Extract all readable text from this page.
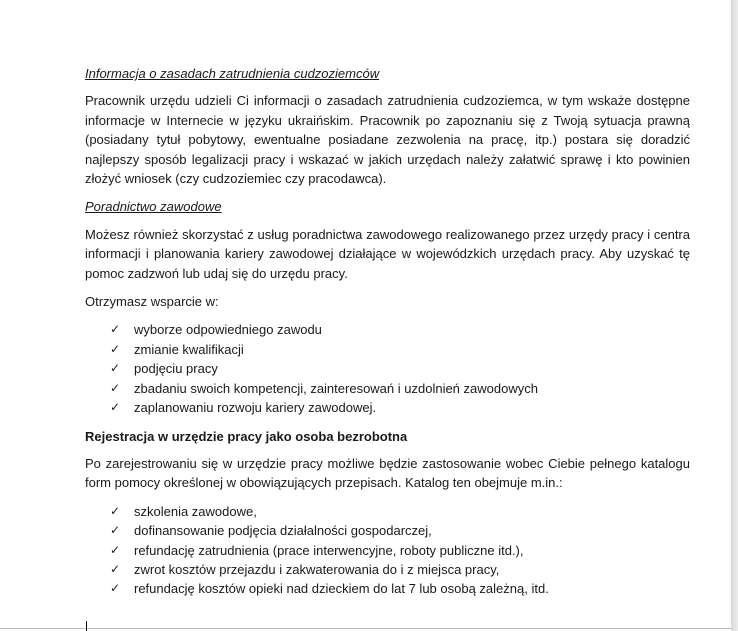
Informacja o zasadach zatrudnienia cudzoziemców

Pracownik urzędu udzieli Ci informacji o zasadach zatrudnienia cudzoziemca, w tym wskaże dostępne informacje w Internecie w języku ukraińskim. Pracownik po zapoznaniu się z Twoją sytuacja prawną (posiadany tytuł pobytowy, ewentualne posiadane zezwolenia na pracę, itp.) postara się doradzić najlepszy sposób legalizacji pracy i wskazać w jakich urzędach należy załatwić sprawę i kto powinien złożyć wniosek (czy cudzoziemiec czy pracodawca).

Poradnictwo zawodowe

Możesz również skorzystać z usług poradnictwa zawodowego realizowanego przez urzędy pracy i centra informacji i planowania kariery zawodowej działające w wojewódzkich urzędach pracy. Aby uzyskać tę pomoc zadzwoń lub udaj się do urzędu pracy.

Otrzymasz wsparcie w:

✓ wyborze odpowiedniego zawodu
✓ zmianie kwalifikacji
✓ podjęciu pracy
✓ zbadaniu swoich kompetencji, zainteresowań i uzdolnień zawodowych
✓ zaplanowaniu rozwoju kariery zawodowej.
Rejestracja w urzędzie pracy jako osoba bezrobotna

Po zarejestrowaniu się w urzędzie pracy możliwe będzie zastosowanie wobec Ciebie pełnego katalogu form pomocy określonej w obowiązujących przepisach. Katalog ten obejmuje m.in.:

✓ szkolenia zawodowe,
✓ dofinansowanie podjęcia działalności gospodarczej,
✓ refundację zatrudnienia (prace interwencyjne, roboty publiczne itd.),
✓ zwrot kosztów przejazdu i zakwaterowania do i z miejsca pracy,
✓ refundację kosztów opieki nad dzieckiem do lat 7 lub osobą zależną, itd.
